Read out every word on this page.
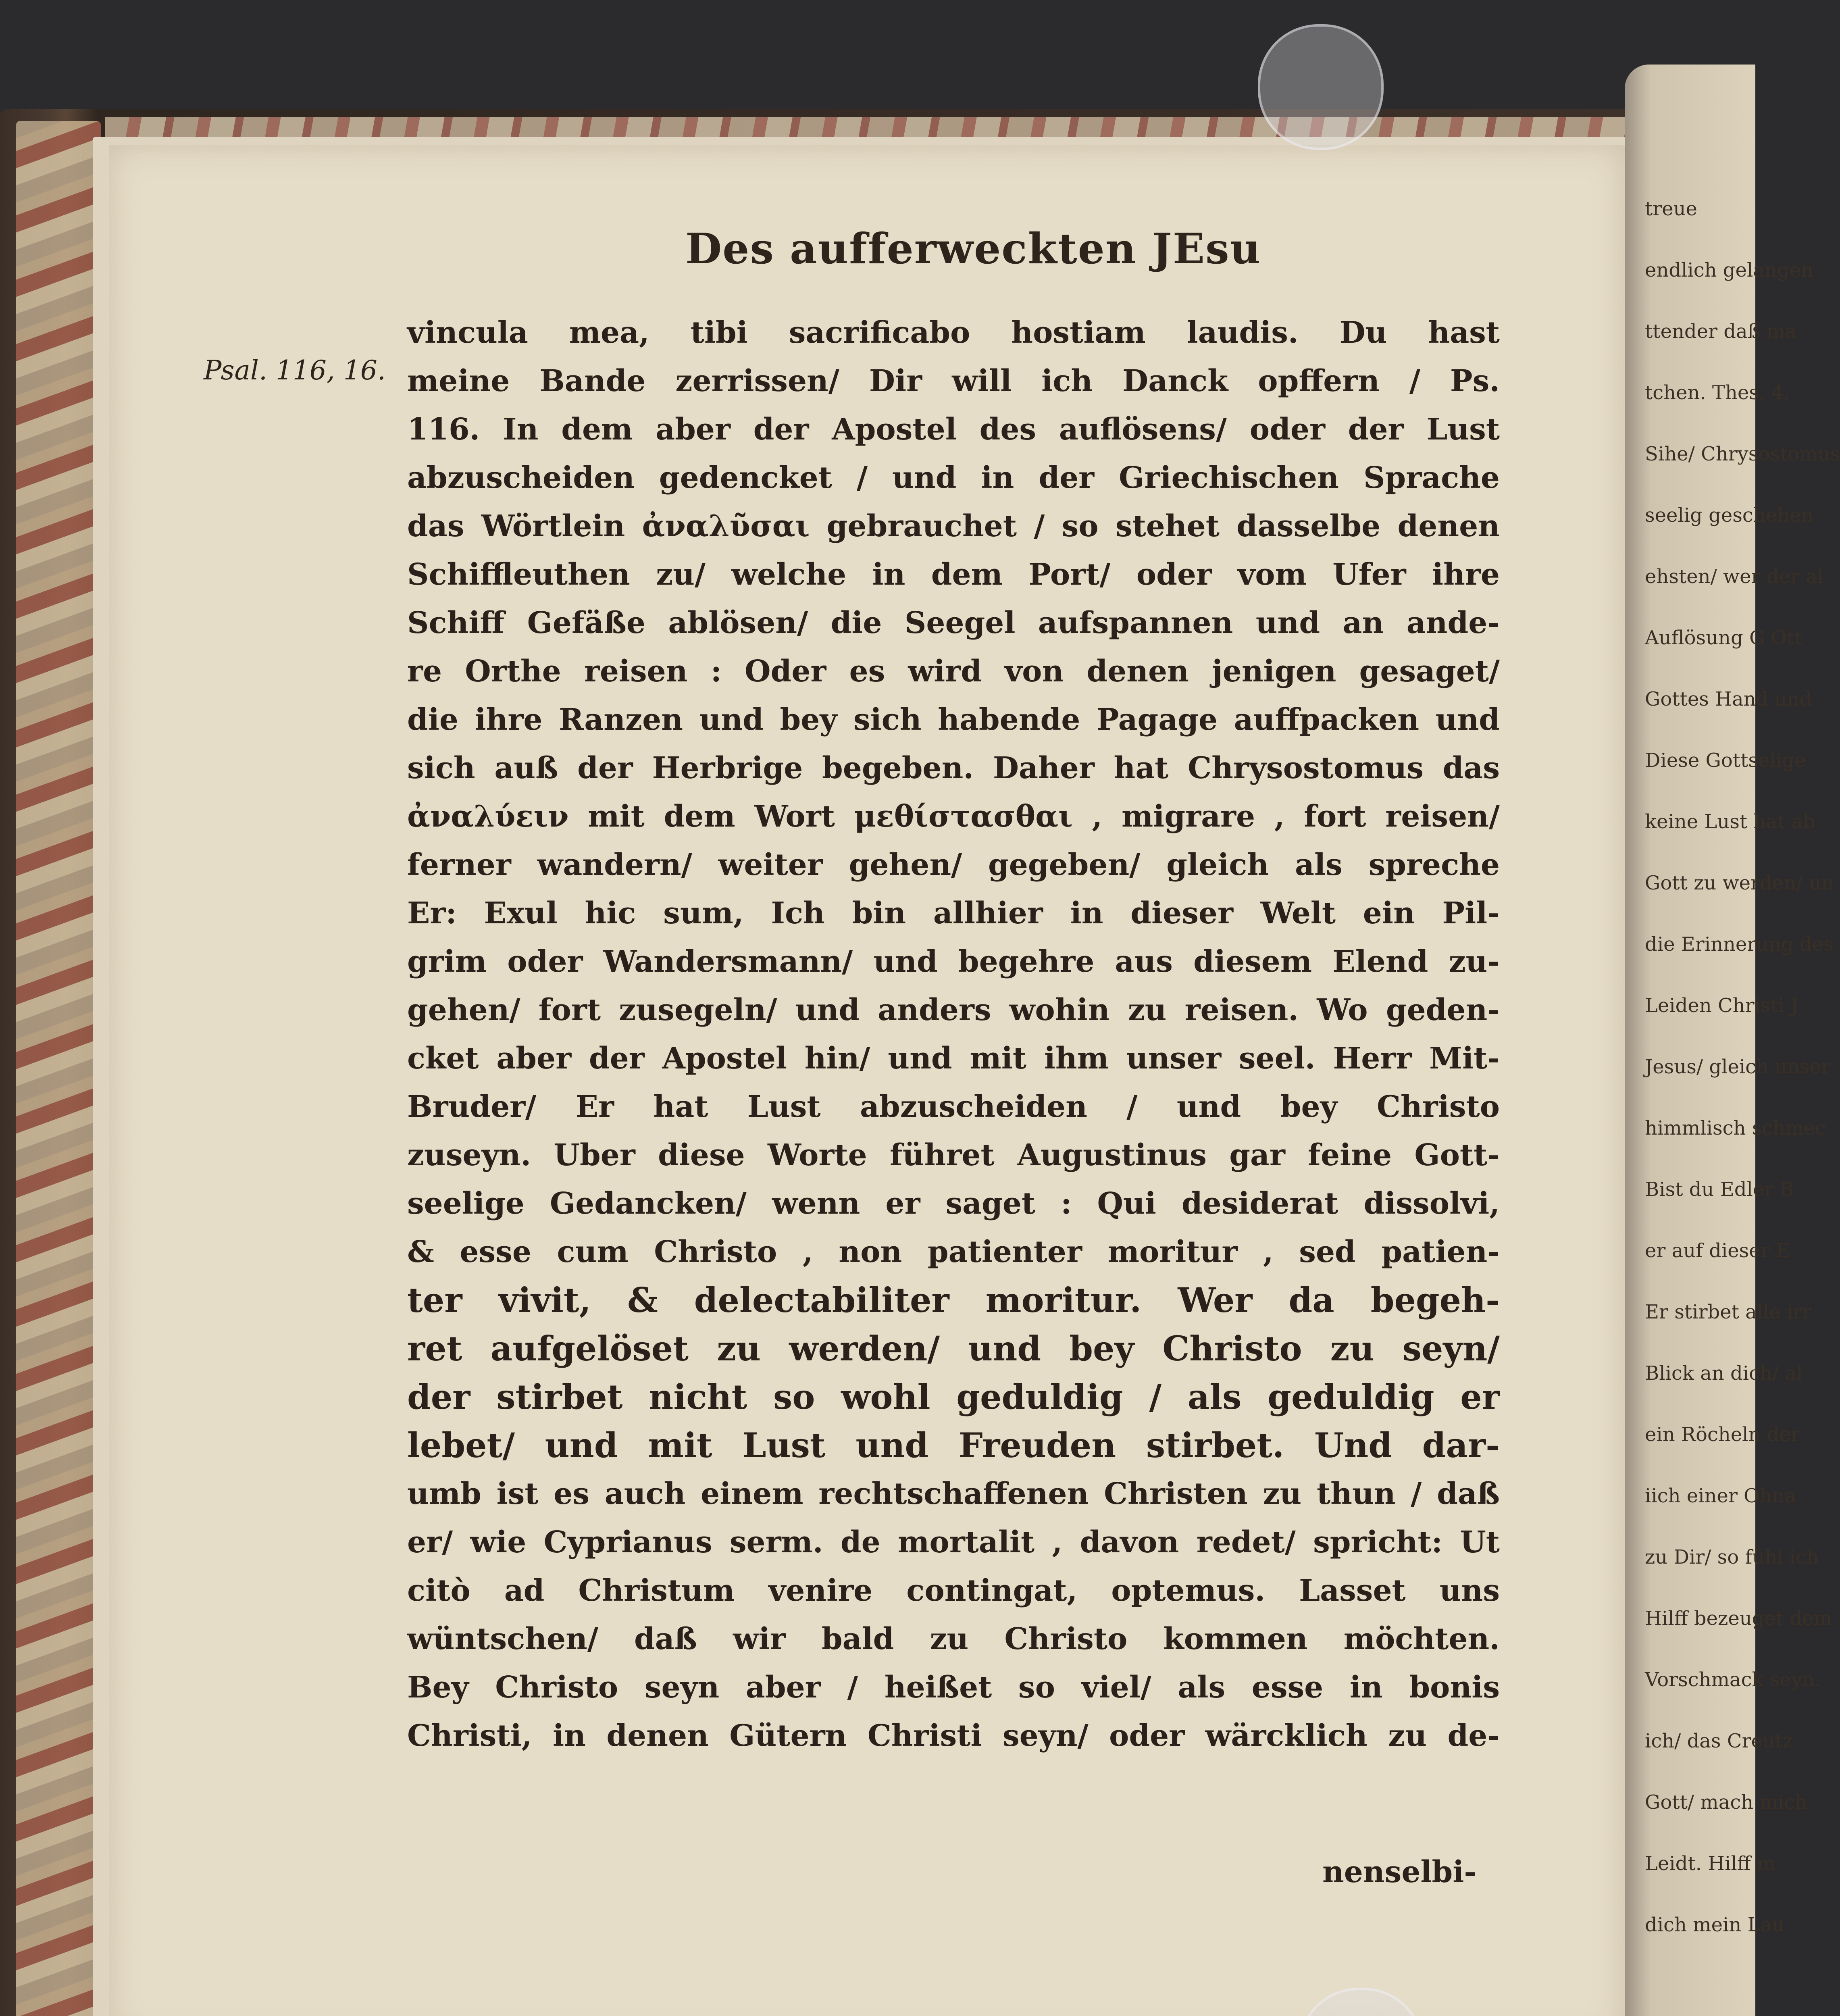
Des aufferweckten JEsu
Psal. 116, 16.
vincula mea, tibi sacrificabo hostiam laudis. Du hast
meine Bande zerrissen/ Dir will ich Danck opffern / Ps.
116. In dem aber der Apostel des auflösens/ oder der Lust
abzuscheiden gedencket / und in der Griechischen Sprache
das Wörtlein ἀναλῦσαι gebrauchet / so stehet dasselbe denen
Schiffleuthen zu/ welche in dem Port/ oder vom Ufer ihre
Schiff Gefäße ablösen/ die Seegel aufspannen und an ande-
re Orthe reisen : Oder es wird von denen jenigen gesaget/
die ihre Ranzen und bey sich habende Pagage auffpacken und
sich auß der Herbrige begeben. Daher hat Chrysostomus das
ἀναλύειν mit dem Wort μεθίστασθαι , migrare , fort reisen/
ferner wandern/ weiter gehen/ gegeben/ gleich als spreche
Er: Exul hic sum, Ich bin allhier in dieser Welt ein Pil-
grim oder Wandersmann/ und begehre aus diesem Elend zu-
gehen/ fort zusegeln/ und anders wohin zu reisen. Wo geden-
cket aber der Apostel hin/ und mit ihm unser seel. Herr Mit-
Bruder/ Er hat Lust abzuscheiden / und bey Christo
zuseyn. Uber diese Worte führet Augustinus gar feine Gott-
seelige Gedancken/ wenn er saget : Qui desiderat dissolvi,
& esse cum Christo , non patienter moritur , sed patien-
ter vivit, & delectabiliter moritur. Wer da begeh-
ret aufgelöset zu werden/ und bey Christo zu seyn/
der stirbet nicht so wohl geduldig / als geduldig er
lebet/ und mit Lust und Freuden stirbet. Und dar-
umb ist es auch einem rechtschaffenen Christen zu thun / daß
er/ wie Cyprianus serm. de mortalit , davon redet/ spricht: Ut
citò ad Christum venire contingat, optemus. Lasset uns
wüntschen/ daß wir bald zu Christo kommen möchten.
Bey Christo seyn aber / heißet so viel/ als esse in bonis
Christi, in denen Gütern Christi seyn/ oder wärcklich zu de-
nenselbi-
treue
endlich gelangen
ttender daß ma
tchen. Thes. 4.
Sihe/ Chrysostomus
seelig geschehen
ehsten/ wer der al
Auflösung G Ott
Gottes Hand und
Diese Gottselige
keine Lust hat ab
Gott zu werden/ un
die Erinnerung des
Leiden Christi J
Jesus/ gleich unser
himmlisch schmec
Bist du Edler B
er auf dieser E
Er stirbet alle irr
Blick an dich/ al
ein Röcheln der
iich einer Ohna
zu Dir/ so fühl ich
Hilff bezeuget dem
Vorschmack seyn.
ich/ das Creutz
Gott/ mach mich
Leidt. Hilff m
dich mein Lau
